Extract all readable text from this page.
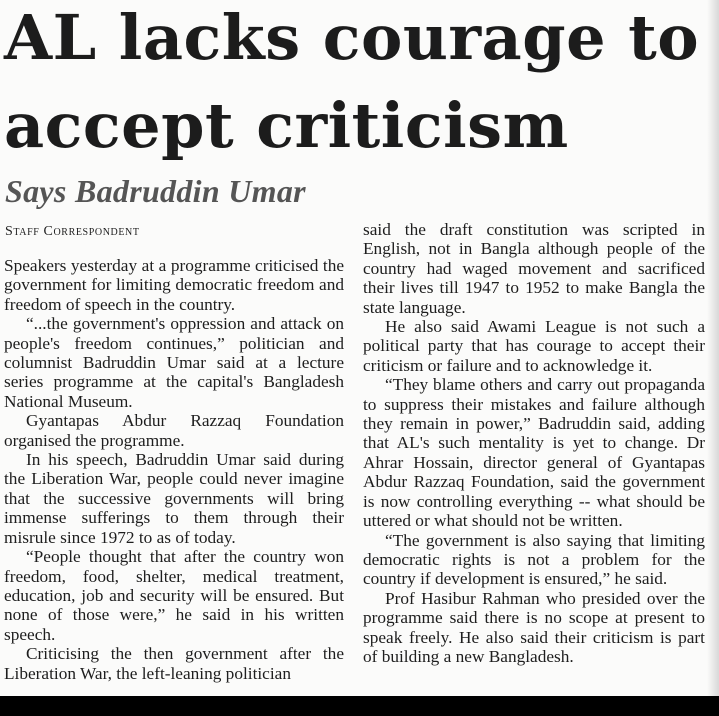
AL lacks courage to
accept criticism
Says Badruddin Umar
Staff Correspondent

Speakers yesterday at a programme criticised the government for limiting democratic freedom and freedom of speech in the country.

“...the government's oppression and attack on people's freedom continues,” politician and columnist Badruddin Umar said at a lecture series programme at the capital's Bangladesh National Museum.

Gyantapas Abdur Razzaq Foundation organised the programme.

In his speech, Badruddin Umar said during the Liberation War, people could never imagine that the successive governments will bring immense sufferings to them through their misrule since 1972 to as of today.

“People thought that after the country won freedom, food, shelter, medical treatment, education, job and security will be ensured. But none of those were,” he said in his written speech.

Criticising the then government after the Liberation War, the left-leaning politician

said the draft constitution was scripted in English, not in Bangla although people of the country had waged movement and sacrificed their lives till 1947 to 1952 to make Bangla the state language.

He also said Awami League is not such a political party that has courage to accept their criticism or failure and to acknowledge it.

“They blame others and carry out propaganda to suppress their mistakes and failure although they remain in power,” Badruddin said, adding that AL's such mentality is yet to change. Dr Ahrar Hossain, director general of Gyantapas Abdur Razzaq Foundation, said the government is now controlling everything -- what should be uttered or what should not be written.

“The government is also saying that limiting democratic rights is not a problem for the country if development is ensured,” he said.

Prof Hasibur Rahman who presided over the programme said there is no scope at present to speak freely. He also said their criticism is part of building a new Bangladesh.
